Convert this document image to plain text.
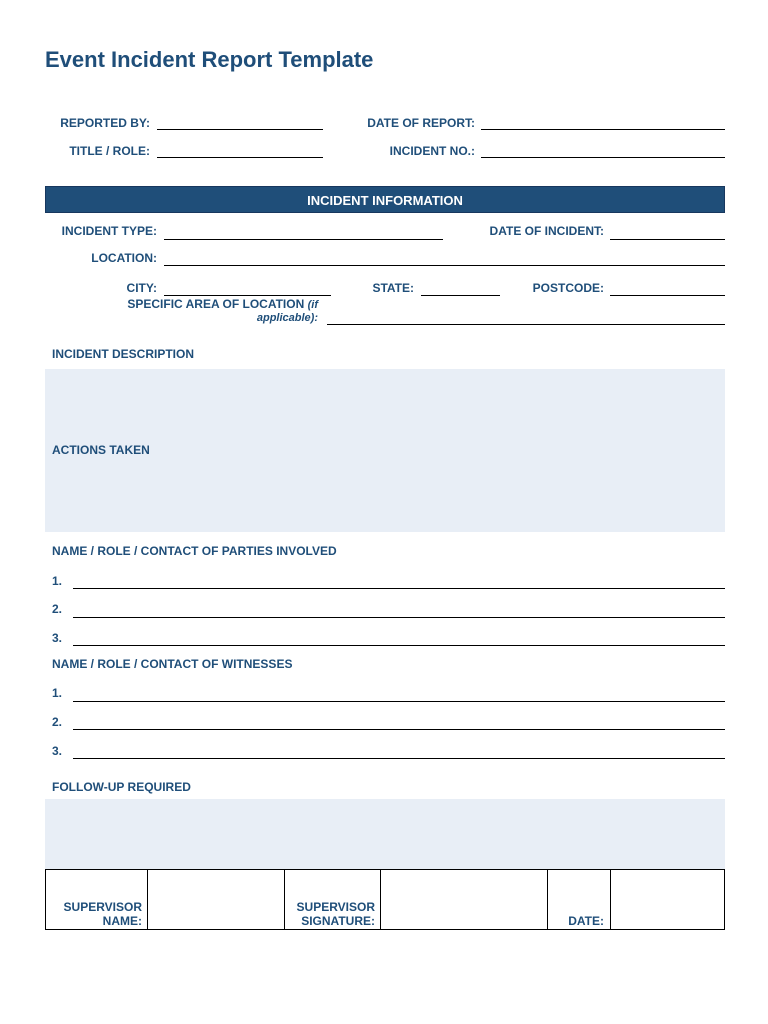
Event Incident Report Template
REPORTED BY:	DATE OF REPORT:
TITLE / ROLE:	INCIDENT NO.:
INCIDENT INFORMATION
INCIDENT TYPE:	DATE OF INCIDENT:
LOCATION:
CITY:	STATE:	POSTCODE:
SPECIFIC AREA OF LOCATION (if
applicable):
INCIDENT DESCRIPTION
ACTIONS TAKEN
NAME / ROLE / CONTACT OF PARTIES INVOLVED
1.
2.
3.
NAME / ROLE / CONTACT OF WITNESSES
1.
2.
3.
FOLLOW-UP REQUIRED
SUPERVISOR
NAME:
SUPERVISOR
SIGNATURE:	DATE:
